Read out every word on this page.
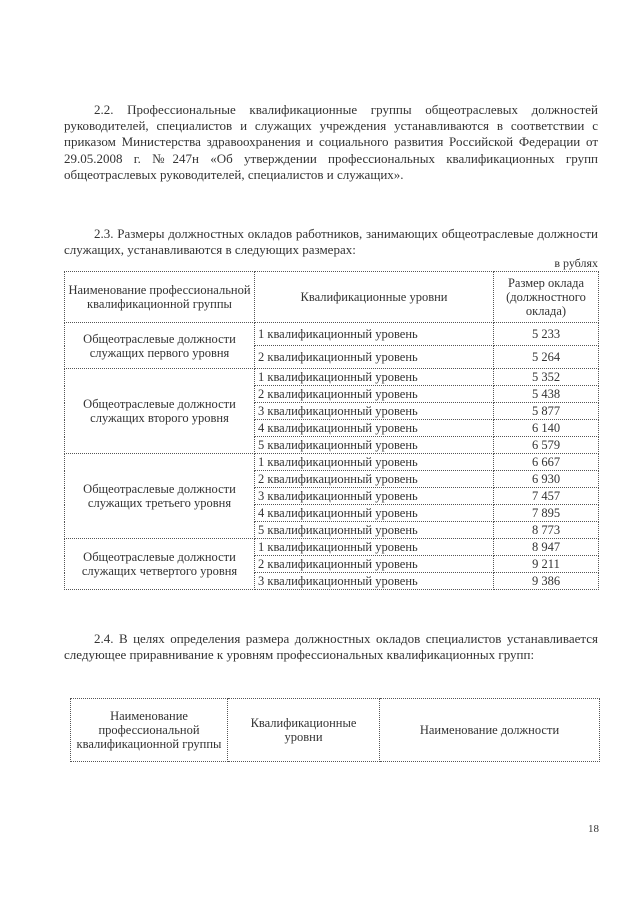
2.2. Профессиональные квалификационные группы общеотраслевых должностей руководителей, специалистов и служащих учреждения устанавливаются в соответствии с приказом Министерства здравоохранения и социального развития Российской Федерации от 29.05.2008 г. №247н «Об утверждении профессиональных квалификационных групп общеотраслевых руководителей, специалистов и служащих».
2.3. Размеры должностных окладов работников, занимающих общеотраслевые должности служащих, устанавливаются в следующих размерах:
в рублях
Наименование профессиональной квалификационной группы	Квалификационные уровни	Размер оклада (должностного оклада)
Общеотраслевые должности служащих первого уровня	1 квалификационный уровень	5 233
	2 квалификационный уровень	5 264
Общеотраслевые должности служащих второго уровня	1 квалификационный уровень	5 352
	2 квалификационный уровень	5 438
	3 квалификационный уровень	5 877
	4 квалификационный уровень	6 140
	5 квалификационный уровень	6 579
Общеотраслевые должности служащих третьего уровня	1 квалификационный уровень	6 667
	2 квалификационный уровень	6 930
	3 квалификационный уровень	7 457
	4 квалификационный уровень	7 895
	5 квалификационный уровень	8 773
Общеотраслевые должности служащих четвертого уровня	1 квалификационный уровень	8 947
	2 квалификационный уровень	9 211
	3 квалификационный уровень	9 386
2.4. В целях определения размера должностных окладов специалистов устанавливается следующее приравнивание к уровням профессиональных квалификационных групп:
Наименование профессиональной квалификационной группы	Квалификационные уровни	Наименование должности
18
